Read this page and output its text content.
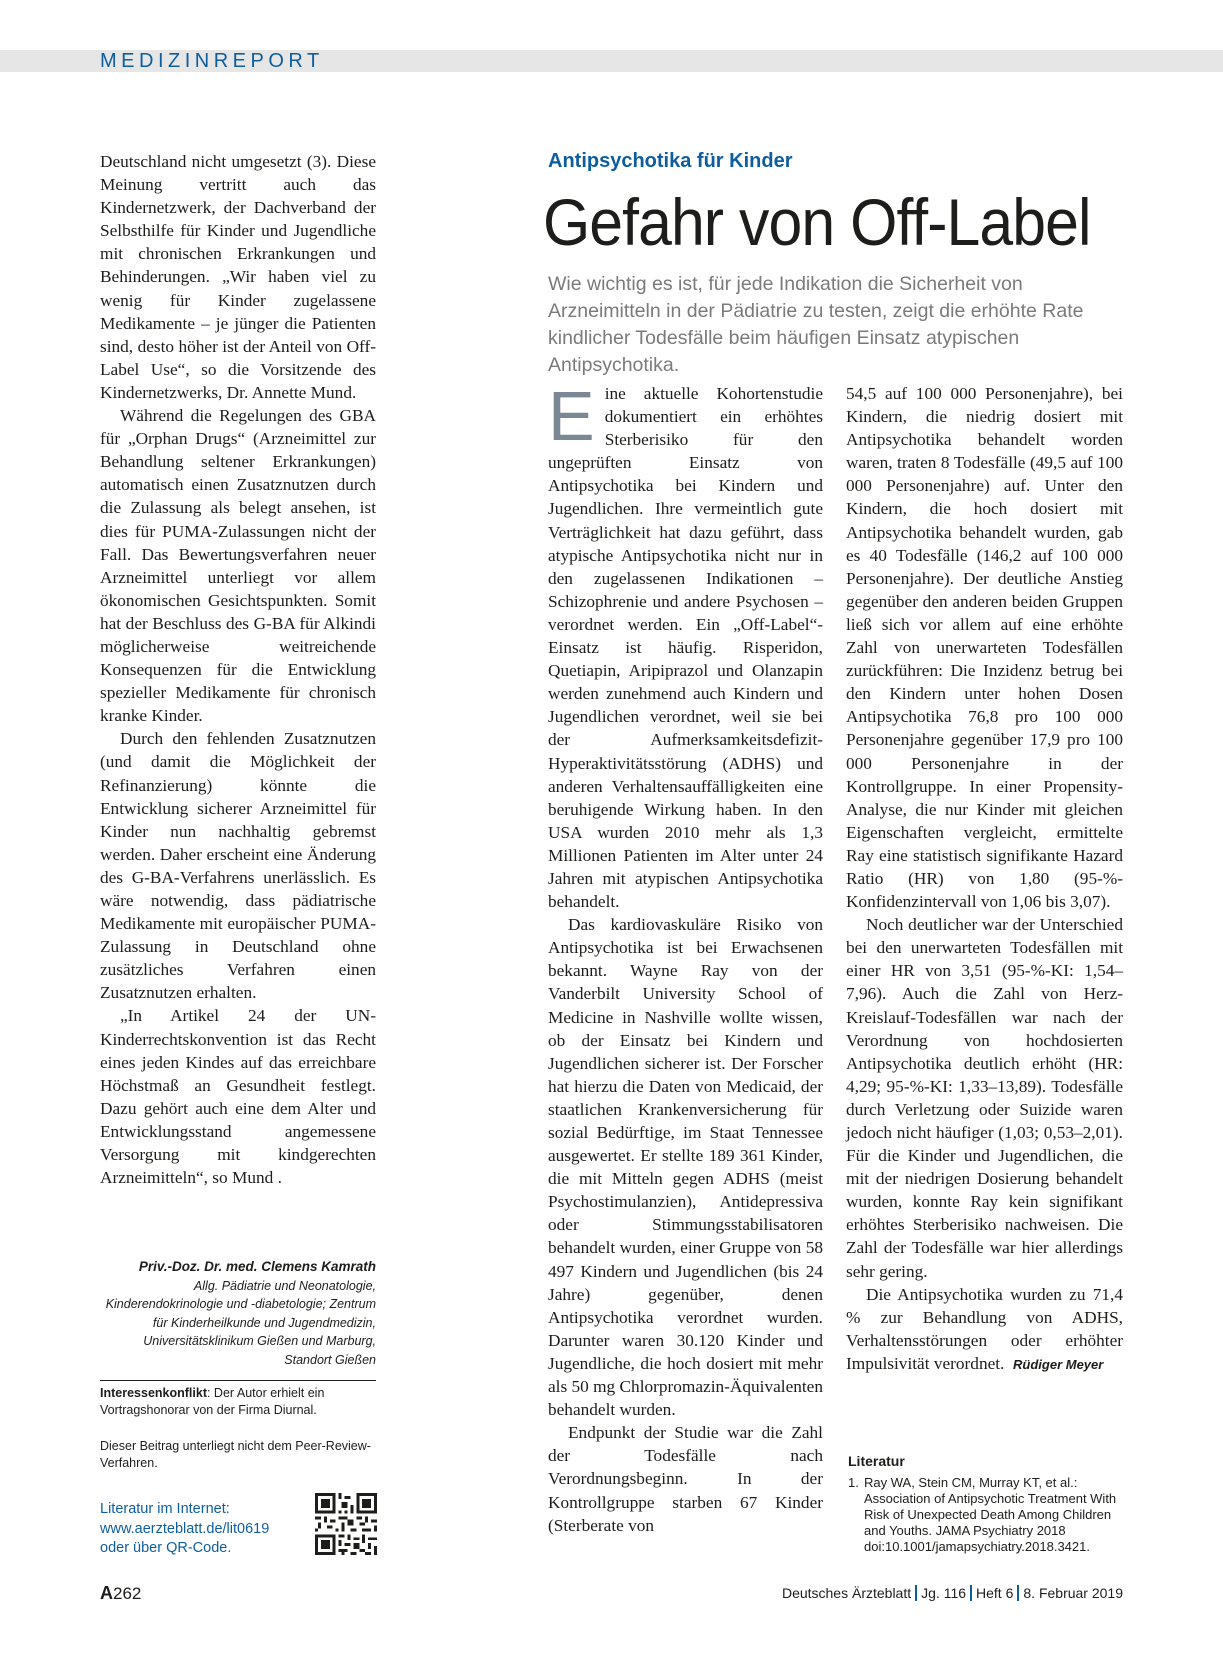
MEDIZINREPORT

Deutschland nicht umgesetzt (3). Diese Meinung vertritt auch das Kindernetzwerk, der Dachverband der Selbsthilfe für Kinder und Jugendliche mit chronischen Erkrankungen und Behinderungen. „Wir haben viel zu wenig für Kinder zugelassene Medikamente – je jünger die Patienten sind, desto höher ist der Anteil von Off-Label Use“, so die Vorsitzende des Kindernetzwerks, Dr. Annette Mund.

Während die Regelungen des GBA für „Orphan Drugs“ (Arzneimittel zur Behandlung seltener Erkrankungen) automatisch einen Zusatznutzen durch die Zulassung als belegt ansehen, ist dies für PUMA-Zulassungen nicht der Fall. Das Bewertungsverfahren neuer Arzneimittel unterliegt vor allem ökonomischen Gesichtspunkten. Somit hat der Beschluss des G-BA für Alkindi möglicherweise weitreichende Konsequenzen für die Entwicklung spezieller Medikamente für chronisch kranke Kinder.

Durch den fehlenden Zusatznutzen (und damit die Möglichkeit der Refinanzierung) könnte die Entwicklung sicherer Arzneimittel für Kinder nun nachhaltig gebremst werden. Daher erscheint eine Änderung des G-BA-Verfahrens unerlässlich. Es wäre notwendig, dass pädiatrische Medikamente mit europäischer PUMA-Zulassung in Deutschland ohne zusätzliches Verfahren einen Zusatznutzen erhalten.

„In Artikel 24 der UN-Kinderrechtskonvention ist das Recht eines jeden Kindes auf das erreichbare Höchstmaß an Gesundheit festlegt. Dazu gehört auch eine dem Alter und Entwicklungsstand angemessene Versorgung mit kindgerechten Arzneimitteln“, so Mund .

Priv.-Doz. Dr. med. Clemens Kamrath
Allg. Pädiatrie und Neonatologie, Kinderendokrinologie und -diabetologie; Zentrum für Kinderheilkunde und Jugendmedizin, Universitätsklinikum Gießen und Marburg, Standort Gießen
Interessenkonflikt: Der Autor erhielt ein Vortragshonorar von der Firma Diurnal.
Dieser Beitrag unterliegt nicht dem Peer-Review-Verfahren.
Literatur im Internet:
www.aerzteblatt.de/lit0619
oder über QR-Code.
Antipsychotika für Kinder
Gefahr von Off-Label
Wie wichtig es ist, für jede Indikation die Sicherheit von Arzneimitteln in der Pädiatrie zu testen, zeigt die erhöhte Rate kindlicher Todesfälle beim häufigen Einsatz atypischen Antipsychotika.

Eine aktuelle Kohortenstudie dokumentiert ein erhöhtes Sterberisiko für den ungeprüften Einsatz von Antipsychotika bei Kindern und Jugendlichen. Ihre vermeintlich gute Verträglichkeit hat dazu geführt, dass atypische Antipsychotika nicht nur in den zugelassenen Indikationen – Schizophrenie und andere Psychosen – verordnet werden. Ein „Off-Label“-Einsatz ist häufig. Risperidon, Quetiapin, Aripiprazol und Olanzapin werden zunehmend auch Kindern und Jugendlichen verordnet, weil sie bei der Aufmerksamkeitsdefizit-Hyperaktivitätsstörung (ADHS) und anderen Verhaltensauffälligkeiten eine beruhigende Wirkung haben. In den USA wurden 2010 mehr als 1,3 Millionen Patienten im Alter unter 24 Jahren mit atypischen Antipsychotika behandelt.

Das kardiovaskuläre Risiko von Antipsychotika ist bei Erwachsenen bekannt. Wayne Ray von der Vanderbilt University School of Medicine in Nashville wollte wissen, ob der Einsatz bei Kindern und Jugendlichen sicherer ist. Der Forscher hat hierzu die Daten von Medicaid, der staatlichen Krankenversicherung für sozial Bedürftige, im Staat Tennessee ausgewertet. Er stellte 189 361 Kinder, die mit Mitteln gegen ADHS (meist Psychostimulanzien), Antidepressiva oder Stimmungsstabilisatoren behandelt wurden, einer Gruppe von 58 497 Kindern und Jugendlichen (bis 24 Jahre) gegenüber, denen Antipsychotika verordnet wurden. Darunter waren 30.120 Kinder und Jugendliche, die hoch dosiert mit mehr als 50 mg Chlorpromazin-Äquivalenten behandelt wurden.

Endpunkt der Studie war die Zahl der Todesfälle nach Verordnungsbeginn. In der Kontrollgruppe starben 67 Kinder (Sterberate von

54,5 auf 100 000 Personenjahre), bei Kindern, die niedrig dosiert mit Antipsychotika behandelt worden waren, traten 8 Todesfälle (49,5 auf 100 000 Personenjahre) auf. Unter den Kindern, die hoch dosiert mit Antipsychotika behandelt wurden, gab es 40 Todesfälle (146,2 auf 100 000 Personenjahre). Der deutliche Anstieg gegenüber den anderen beiden Gruppen ließ sich vor allem auf eine erhöhte Zahl von unerwarteten Todesfällen zurückführen: Die Inzidenz betrug bei den Kindern unter hohen Dosen Antipsychotika 76,8 pro 100 000 Personenjahre gegenüber 17,9 pro 100 000 Personenjahre in der Kontrollgruppe. In einer Propensity-Analyse, die nur Kinder mit gleichen Eigenschaften vergleicht, ermittelte Ray eine statistisch signifikante Hazard Ratio (HR) von 1,80 (95-%-Konfidenzintervall von 1,06 bis 3,07).

Noch deutlicher war der Unterschied bei den unerwarteten Todesfällen mit einer HR von 3,51 (95-%-KI: 1,54–7,96). Auch die Zahl von Herz-Kreislauf-Todesfällen war nach der Verordnung von hochdosierten Antipsychotika deutlich erhöht (HR: 4,29; 95-%-KI: 1,33–13,89). Todesfälle durch Verletzung oder Suizide waren jedoch nicht häufiger (1,03; 0,53–2,01). Für die Kinder und Jugendlichen, die mit der niedrigen Dosierung behandelt wurden, konnte Ray kein signifikant erhöhtes Sterberisiko nachweisen. Die Zahl der Todesfälle war hier allerdings sehr gering.

Die Antipsychotika wurden zu 71,4 % zur Behandlung von ADHS, Verhaltensstörungen oder erhöhter Impulsivität verordnet. Rüdiger Meyer

Literatur
1. Ray WA, Stein CM, Murray KT, et al.: Association of Antipsychotic Treatment With Risk of Unexpected Death Among Children and Youths. JAMA Psychiatry 2018 doi:10.1001/jamapsychiatry.2018.3421.
A262	Deutsches Ärzteblatt Jg. 116 Heft 6 8. Februar 2019
